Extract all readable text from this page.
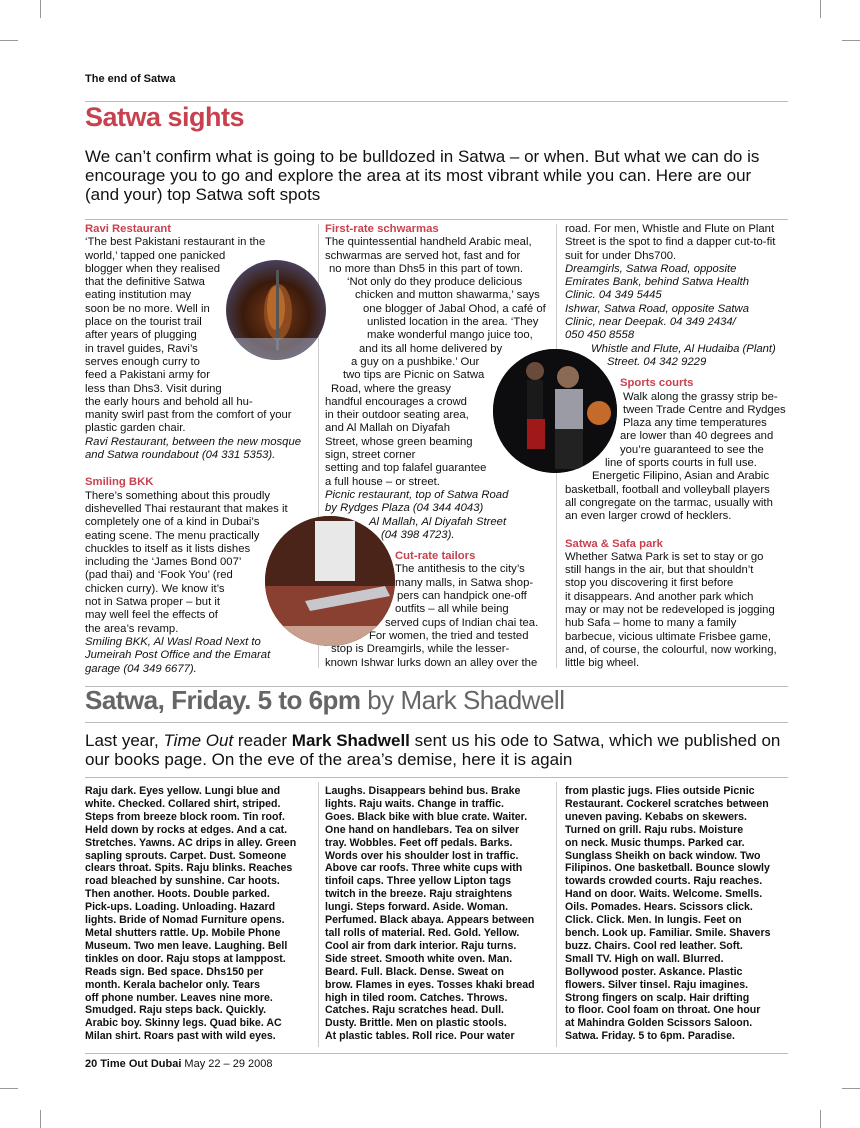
The end of Satwa
Satwa sights
We can’t confirm what is going to be bulldozed in Satwa – or when. But what we can do is encourage you to go and explore the area at its most vibrant while you can. Here are our (and your) top Satwa soft spots

Ravi Restaurant

‘The best Pakistani restaurant in the

world,’ tapped one panicked

blogger when they realised

that the definitive Satwa

eating institution may

soon be no more. Well in

place on the tourist trail

after years of plugging

in travel guides, Ravi’s

serves enough curry to

feed a Pakistani army for

less than Dhs3. Visit during

the early hours and behold all hu-

manity swirl past from the comfort of your

plastic garden chair.

Ravi Restaurant, between the new mosque

and Satwa roundabout (04 331 5353).

Smiling BKK

There’s something about this proudly

dishevelled Thai restaurant that makes it

completely one of a kind in Dubai’s

eating scene. The menu practically

chuckles to itself as it lists dishes

including the ‘James Bond 007’

(pad thai) and ‘Fook You’ (red

chicken curry). We know it’s

not in Satwa proper – but it

may well feel the effects of

the area’s revamp.

Smiling BKK, Al Wasl Road Next to

Jumeirah Post Office and the Emarat

garage (04 349 6677).

First-rate schwarmas

The quintessential handheld Arabic meal,

schwarmas are served hot, fast and for

no more than Dhs5 in this part of town.

‘Not only do they produce delicious

chicken and mutton shawarma,’ says

one blogger of Jabal Ohod, a café of

unlisted location in the area. ‘They

make wonderful mango juice too,

and its all home delivered by

a guy on a pushbike.’ Our

two tips are Picnic on Satwa

Road, where the greasy

handful encourages a crowd

in their outdoor seating area,

and Al Mallah on Diyafah

Street, whose green beaming

sign, street corner

setting and top falafel guarantee

a full house – or street.

Picnic restaurant, top of Satwa Road

by Rydges Plaza (04 344 4043)

Al Mallah, Al Diyafah Street

(04 398 4723).

Cut-rate tailors

The antithesis to the city’s

many malls, in Satwa shop-

pers can handpick one-off

outfits – all while being

served cups of Indian chai tea.

For women, the tried and tested

stop is Dreamgirls, while the lesser-

known Ishwar lurks down an alley over the

road. For men, Whistle and Flute on Plant

Street is the spot to find a dapper cut-to-fit

suit for under Dhs700.

Dreamgirls, Satwa Road, opposite

Emirates Bank, behind Satwa Health

Clinic. 04 349 5445

Ishwar, Satwa Road, opposite Satwa

Clinic, near Deepak. 04 349 2434/

050 450 8558

Whistle and Flute, Al Hudaiba (Plant)

Street. 04 342 9229

Sports courts

Walk along the grassy strip be-

tween Trade Centre and Rydges

Plaza any time temperatures

are lower than 40 degrees and

you’re guaranteed to see the

line of sports courts in full use.

Energetic Filipino, Asian and Arabic

basketball, football and volleyball players

all congregate on the tarmac, usually with

an even larger crowd of hecklers.

Satwa & Safa park

Whether Satwa Park is set to stay or go

still hangs in the air, but that shouldn’t

stop you discovering it first before

it disappears. And another park which

may or may not be redeveloped is jogging

hub Safa – home to many a family

barbecue, vicious ultimate Frisbee game,

and, of course, the colourful, now working,

little big wheel.

Satwa, Friday. 5 to 6pm by Mark Shadwell
Last year, Time Out reader Mark Shadwell sent us his ode to Satwa, which we published on our books page. On the eve of the area’s demise, here it is again

Raju dark. Eyes yellow. Lungi blue and

white. Checked. Collared shirt, striped.

Steps from breeze block room. Tin roof.

Held down by rocks at edges. And a cat.

Stretches. Yawns. AC drips in alley. Green

sapling sprouts. Carpet. Dust. Someone

clears throat. Spits. Raju blinks. Reaches

road bleached by sunshine. Car hoots.

Then another. Hoots. Double parked.

Pick-ups. Loading. Unloading. Hazard

lights. Bride of Nomad Furniture opens.

Metal shutters rattle. Up. Mobile Phone

Museum. Two men leave. Laughing. Bell

tinkles on door. Raju stops at lamppost.

Reads sign. Bed space. Dhs150 per

month. Kerala bachelor only. Tears

off phone number. Leaves nine more.

Smudged. Raju steps back. Quickly.

Arabic boy. Skinny legs. Quad bike. AC

Milan shirt. Roars past with wild eyes.

Laughs. Disappears behind bus. Brake

lights. Raju waits. Change in traffic.

Goes. Black bike with blue crate. Waiter.

One hand on handlebars. Tea on silver

tray. Wobbles. Feet off pedals. Barks.

Words over his shoulder lost in traffic.

Above car roofs. Three white cups with

tinfoil caps. Three yellow Lipton tags

twitch in the breeze. Raju straightens

lungi. Steps forward. Aside. Woman.

Perfumed. Black abaya. Appears between

tall rolls of material. Red. Gold. Yellow.

Cool air from dark interior. Raju turns.

Side street. Smooth white oven. Man.

Beard. Full. Black. Dense. Sweat on

brow. Flames in eyes. Tosses khaki bread

high in tiled room. Catches. Throws.

Catches. Raju scratches head. Dull.

Dusty. Brittle. Men on plastic stools.

At plastic tables. Roll rice. Pour water

from plastic jugs. Flies outside Picnic

Restaurant. Cockerel scratches between

uneven paving. Kebabs on skewers.

Turned on grill. Raju rubs. Moisture

on neck. Music thumps. Parked car.

Sunglass Sheikh on back window. Two

Filipinos. One basketball. Bounce slowly

towards crowded courts. Raju reaches.

Hand on door. Waits. Welcome. Smells.

Oils. Pomades. Hears. Scissors click.

Click. Click. Men. In lungis. Feet on

bench. Look up. Familiar. Smile. Shavers

buzz. Chairs. Cool red leather. Soft.

Small TV. High on wall. Blurred.

Bollywood poster. Askance. Plastic

flowers. Silver tinsel. Raju imagines.

Strong fingers on scalp. Hair drifting

to floor. Cool foam on throat. One hour

at Mahindra Golden Scissors Saloon.

Satwa. Friday. 5 to 6pm. Paradise.

20 Time Out Dubai May 22 – 29 2008
